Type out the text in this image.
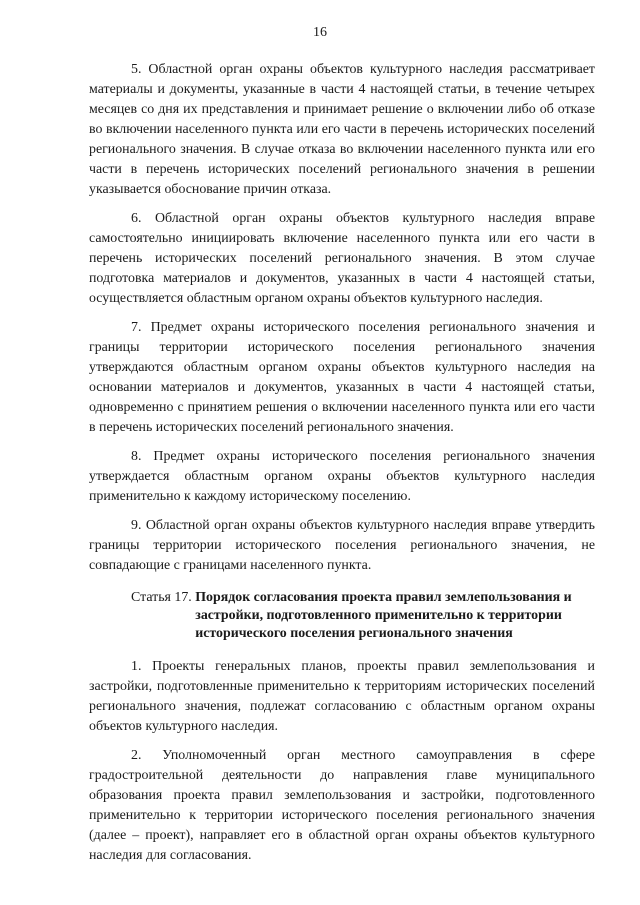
16

5. Областной орган охраны объектов культурного наследия рассматривает материалы и документы, указанные в части 4 настоящей статьи, в течение четырех месяцев со дня их представления и принимает решение о включении либо об отказе во включении населенного пункта или его части в перечень исторических поселений регионального значения. В случае отказа во включении населенного пункта или его части в перечень исторических поселений регионального значения в решении указывается обоснование причин отказа.

6. Областной орган охраны объектов культурного наследия вправе самостоятельно инициировать включение населенного пункта или его части в перечень исторических поселений регионального значения. В этом случае подготовка материалов и документов, указанных в части 4 настоящей статьи, осуществляется областным органом охраны объектов культурного наследия.

7. Предмет охраны исторического поселения регионального значения и границы территории исторического поселения регионального значения утверждаются областным органом охраны объектов культурного наследия на основании материалов и документов, указанных в части 4 настоящей статьи, одновременно с принятием решения о включении населенного пункта или его части в перечень исторических поселений регионального значения.

8. Предмет охраны исторического поселения регионального значения утверждается областным органом охраны объектов культурного наследия применительно к каждому историческому поселению.

9. Областной орган охраны объектов культурного наследия вправе утвердить границы территории исторического поселения регионального значения, не совпадающие с границами населенного пункта.

Статья 17. Порядок согласования проекта правил землепользования и застройки, подготовленного применительно к территории исторического поселения регионального значения

1. Проекты генеральных планов, проекты правил землепользования и застройки, подготовленные применительно к территориям исторических поселений регионального значения, подлежат согласованию с областным органом охраны объектов культурного наследия.

2. Уполномоченный орган местного самоуправления в сфере градостроительной деятельности до направления главе муниципального образования проекта правил землепользования и застройки, подготовленного применительно к территории исторического поселения регионального значения (далее – проект), направляет его в областной орган охраны объектов культурного наследия для согласования.
